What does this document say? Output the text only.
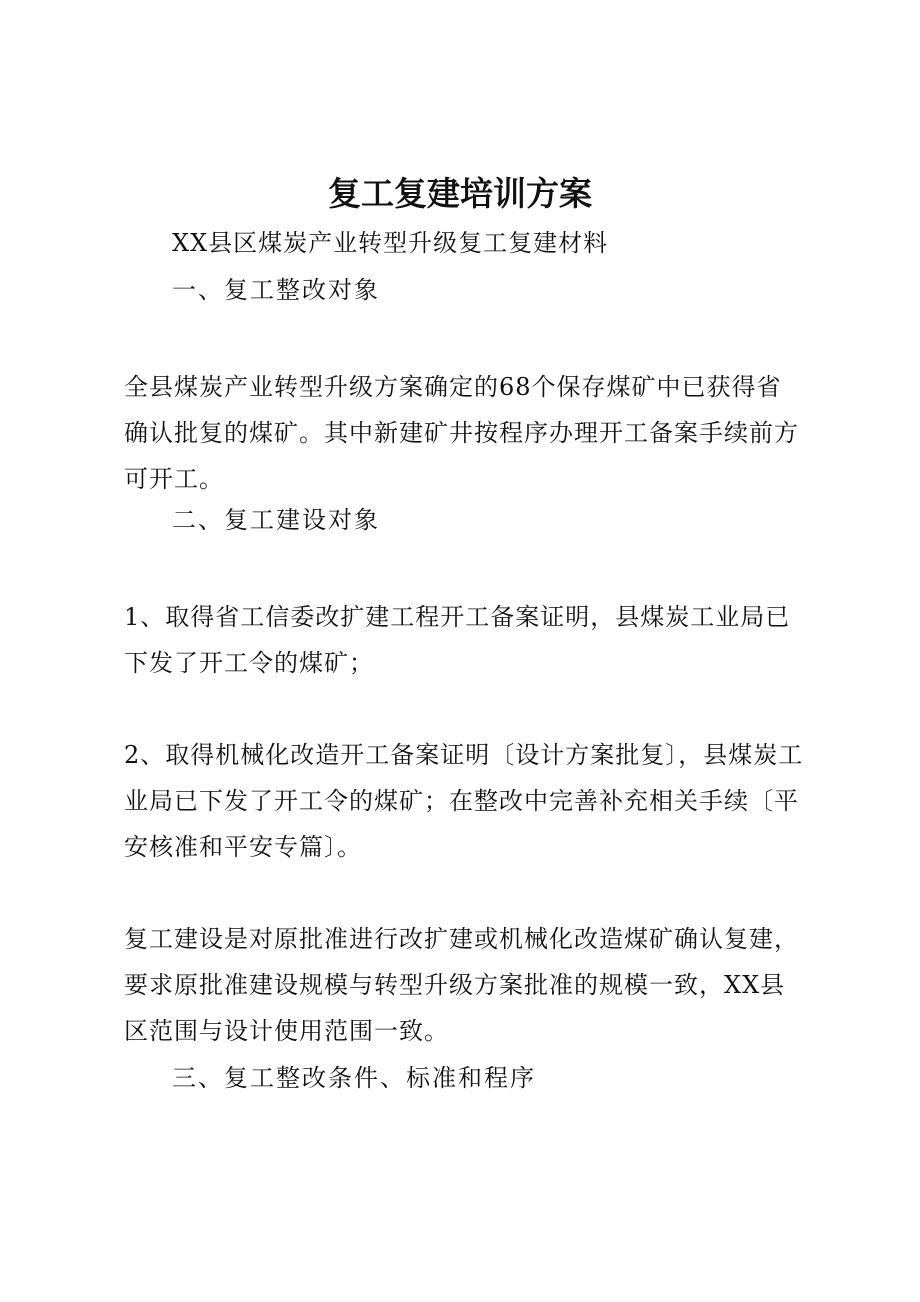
复工复建培训方案
XX县区煤炭产业转型升级复工复建材料
一、复工整改对象
全县煤炭产业转型升级方案确定的68个保存煤矿中已获得省确认批复的煤矿。其中新建矿井按程序办理开工备案手续前方可开工。
二、复工建设对象
1、取得省工信委改扩建工程开工备案证明，县煤炭工业局已下发了开工令的煤矿；
2、取得机械化改造开工备案证明〔设计方案批复〕，县煤炭工业局已下发了开工令的煤矿；在整改中完善补充相关手续〔平安核准和平安专篇〕。
复工建设是对原批准进行改扩建或机械化改造煤矿确认复建，要求原批准建设规模与转型升级方案批准的规模一致，XX县区范围与设计使用范围一致。
三、复工整改条件、标准和程序
